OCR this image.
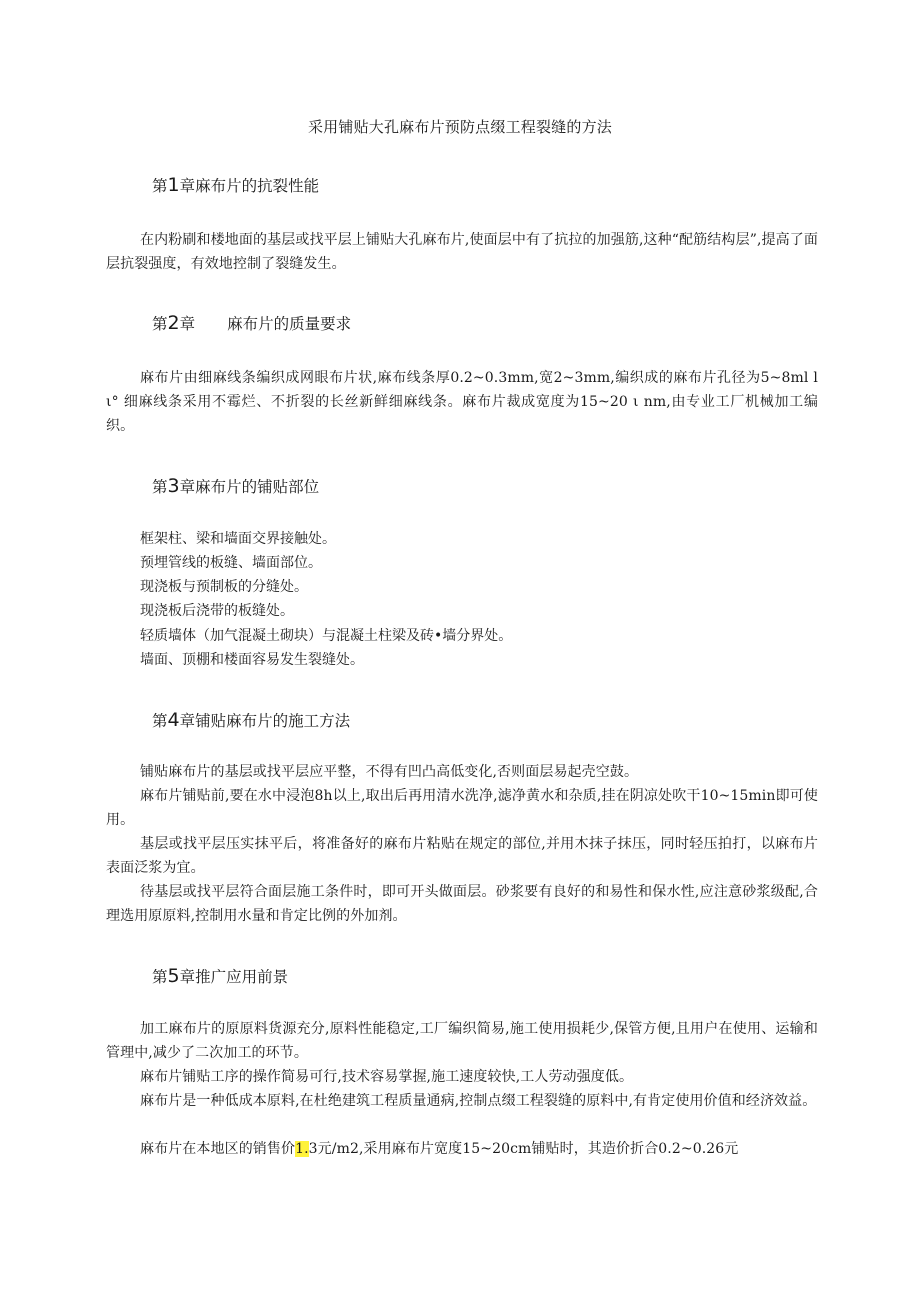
采用铺贴大孔麻布片预防点缀工程裂缝的方法
第1章麻布片的抗裂性能
在内粉刷和楼地面的基层或找平层上铺贴大孔麻布片,使面层中有了抗拉的加强筋,这种“配筋结构层”,提高了面层抗裂强度，有效地控制了裂缝发生。
第2章 麻布片的质量要求
麻布片由细麻线条编织成网眼布片状,麻布线条厚0.2~0.3mm,宽2~3mm,编织成的麻布片孔径为5~8ml l ι° 细麻线条采用不霉烂、不折裂的长丝新鲜细麻线条。麻布片裁成宽度为15~20 ι nm,由专业工厂机械加工编织。
第3章麻布片的铺贴部位
框架柱、梁和墙面交界接触处。
预埋管线的板缝、墙面部位。
现浇板与预制板的分缝处。
现浇板后浇带的板缝处。
轻质墙体（加气混凝土砌块）与混凝土柱梁及砖•墙分界处。
墙面、顶棚和楼面容易发生裂缝处。
第4章铺贴麻布片的施工方法
铺贴麻布片的基层或找平层应平整，不得有凹凸高低变化,否则面层易起壳空鼓。
麻布片铺贴前,要在水中浸泡8h以上,取出后再用清水洗净,滤净黄水和杂质,挂在阴凉处吹干10~15min即可使用。
基层或找平层压实抹平后，将准备好的麻布片粘贴在规定的部位,并用木抹子抹压，同时轻压拍打，以麻布片表面泛浆为宜。
待基层或找平层符合面层施工条件时，即可开头做面层。砂浆要有良好的和易性和保水性,应注意砂浆级配,合理选用原原料,控制用水量和肯定比例的外加剂。
第5章推广应用前景
加工麻布片的原原料货源充分,原料性能稳定,工厂编织简易,施工使用损耗少,保管方便,且用户在使用、运输和管理中,减少了二次加工的环节。
麻布片铺贴工序的操作简易可行,技术容易掌握,施工速度较快,工人劳动强度低。
麻布片是一种低成本原料,在杜绝建筑工程质量通病,控制点缀工程裂缝的原料中,有肯定使用价值和经济效益。
麻布片在本地区的销售价1.3元/m2,采用麻布片宽度15~20cm铺贴时，其造价折合0.2~0.26元
